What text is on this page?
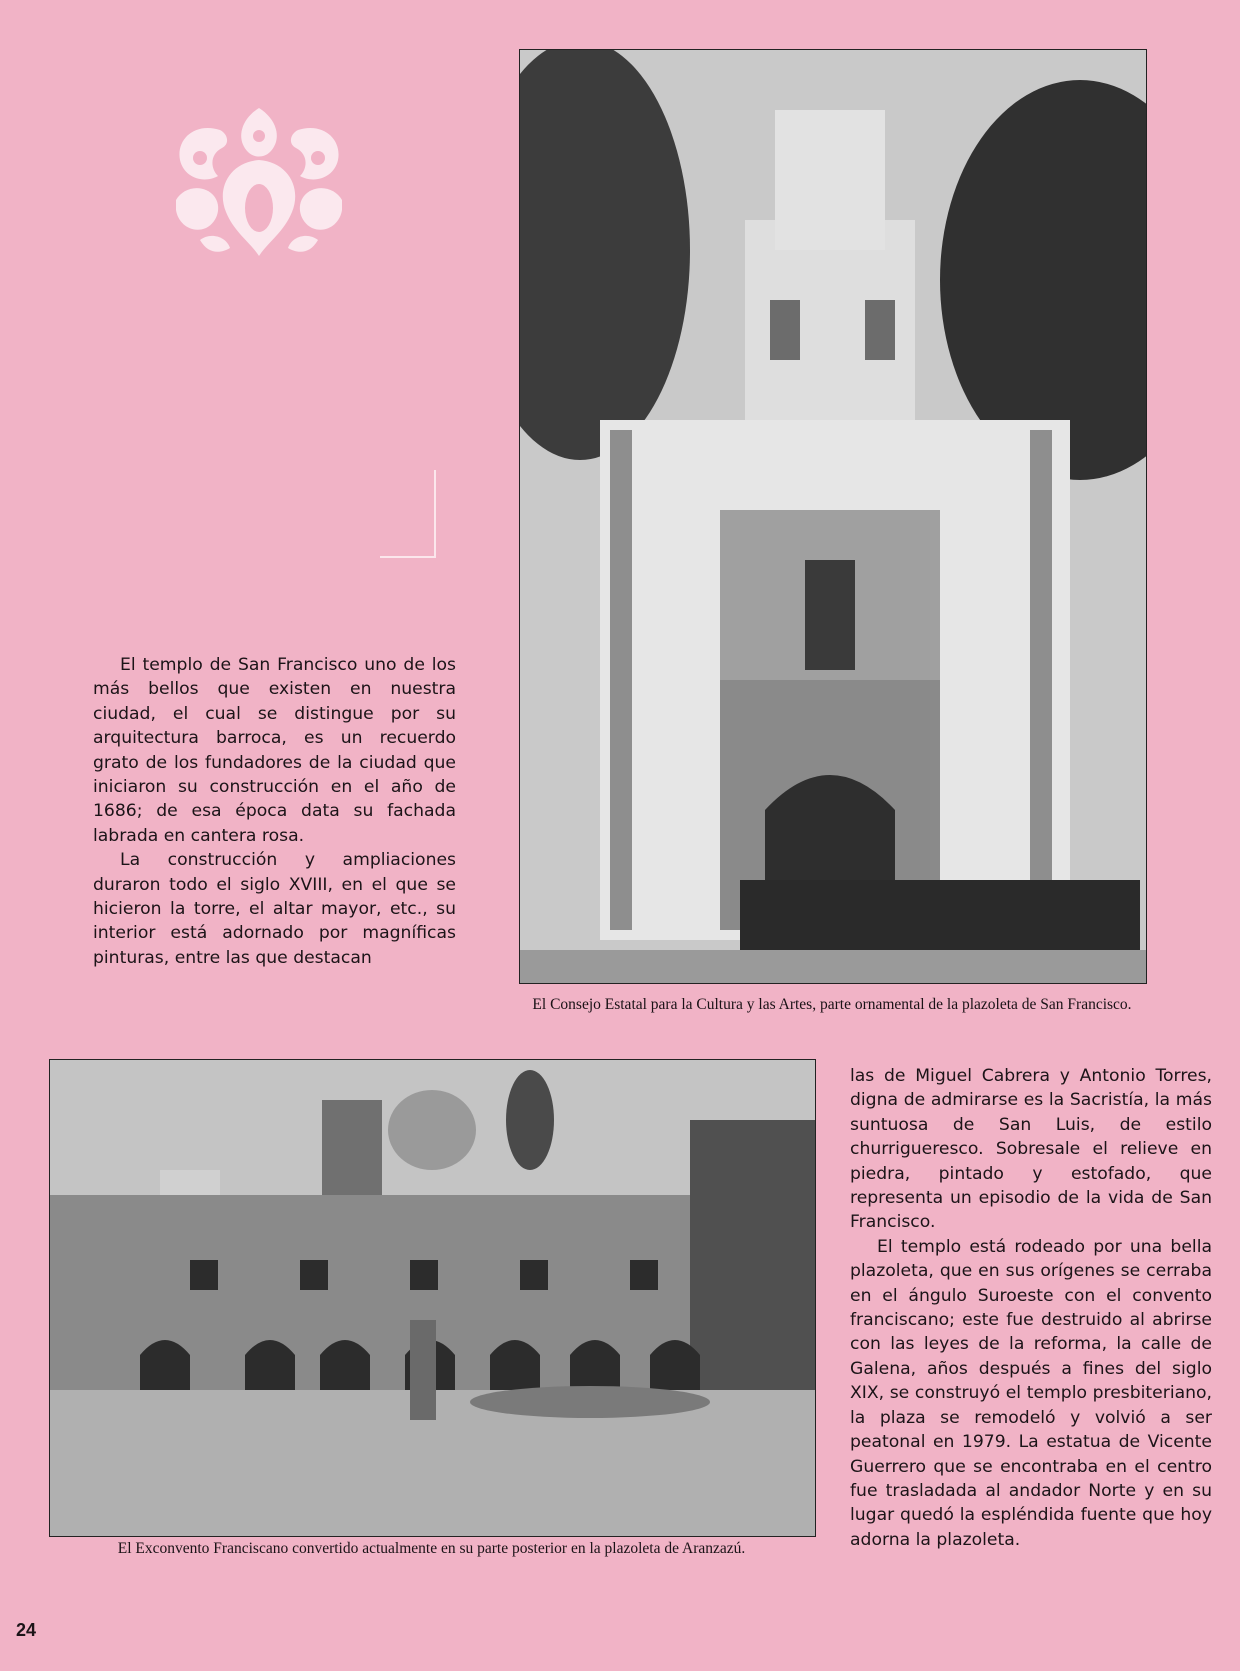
El Consejo Estatal para la Cultura y las Artes, parte ornamental de la plazoleta de San Francisco.
El Exconvento Franciscano convertido actualmente en su parte posterior en la plazoleta de Aranzazú.

El templo de San Francisco uno de los más bellos que existen en nuestra ciudad, el cual se distingue por su arquitectura barroca, es un recuerdo grato de los fundadores de la ciudad que iniciaron su construcción en el año de 1686; de esa época data su fachada labrada en cantera rosa.

La construcción y ampliaciones duraron todo el siglo XVIII, en el que se hicieron la torre, el altar mayor, etc., su interior está adornado por magníficas pinturas, entre las que destacan

las de Miguel Cabrera y Antonio Torres, digna de admirarse es la Sacristía, la más suntuosa de San Luis, de estilo churrigueresco. Sobresale el relieve en piedra, pintado y estofado, que representa un episodio de la vida de San Francisco.

El templo está rodeado por una bella plazoleta, que en sus orígenes se cerraba en el ángulo Suroeste con el convento franciscano; este fue destruido al abrirse con las leyes de la reforma, la calle de Galena, años después a fines del siglo XIX, se construyó el templo presbiteriano, la plaza se remodeló y volvió a ser peatonal en 1979. La estatua de Vicente Guerrero que se encontraba en el centro fue trasladada al andador Norte y en su lugar quedó la espléndida fuente que hoy adorna la plazoleta.

24
